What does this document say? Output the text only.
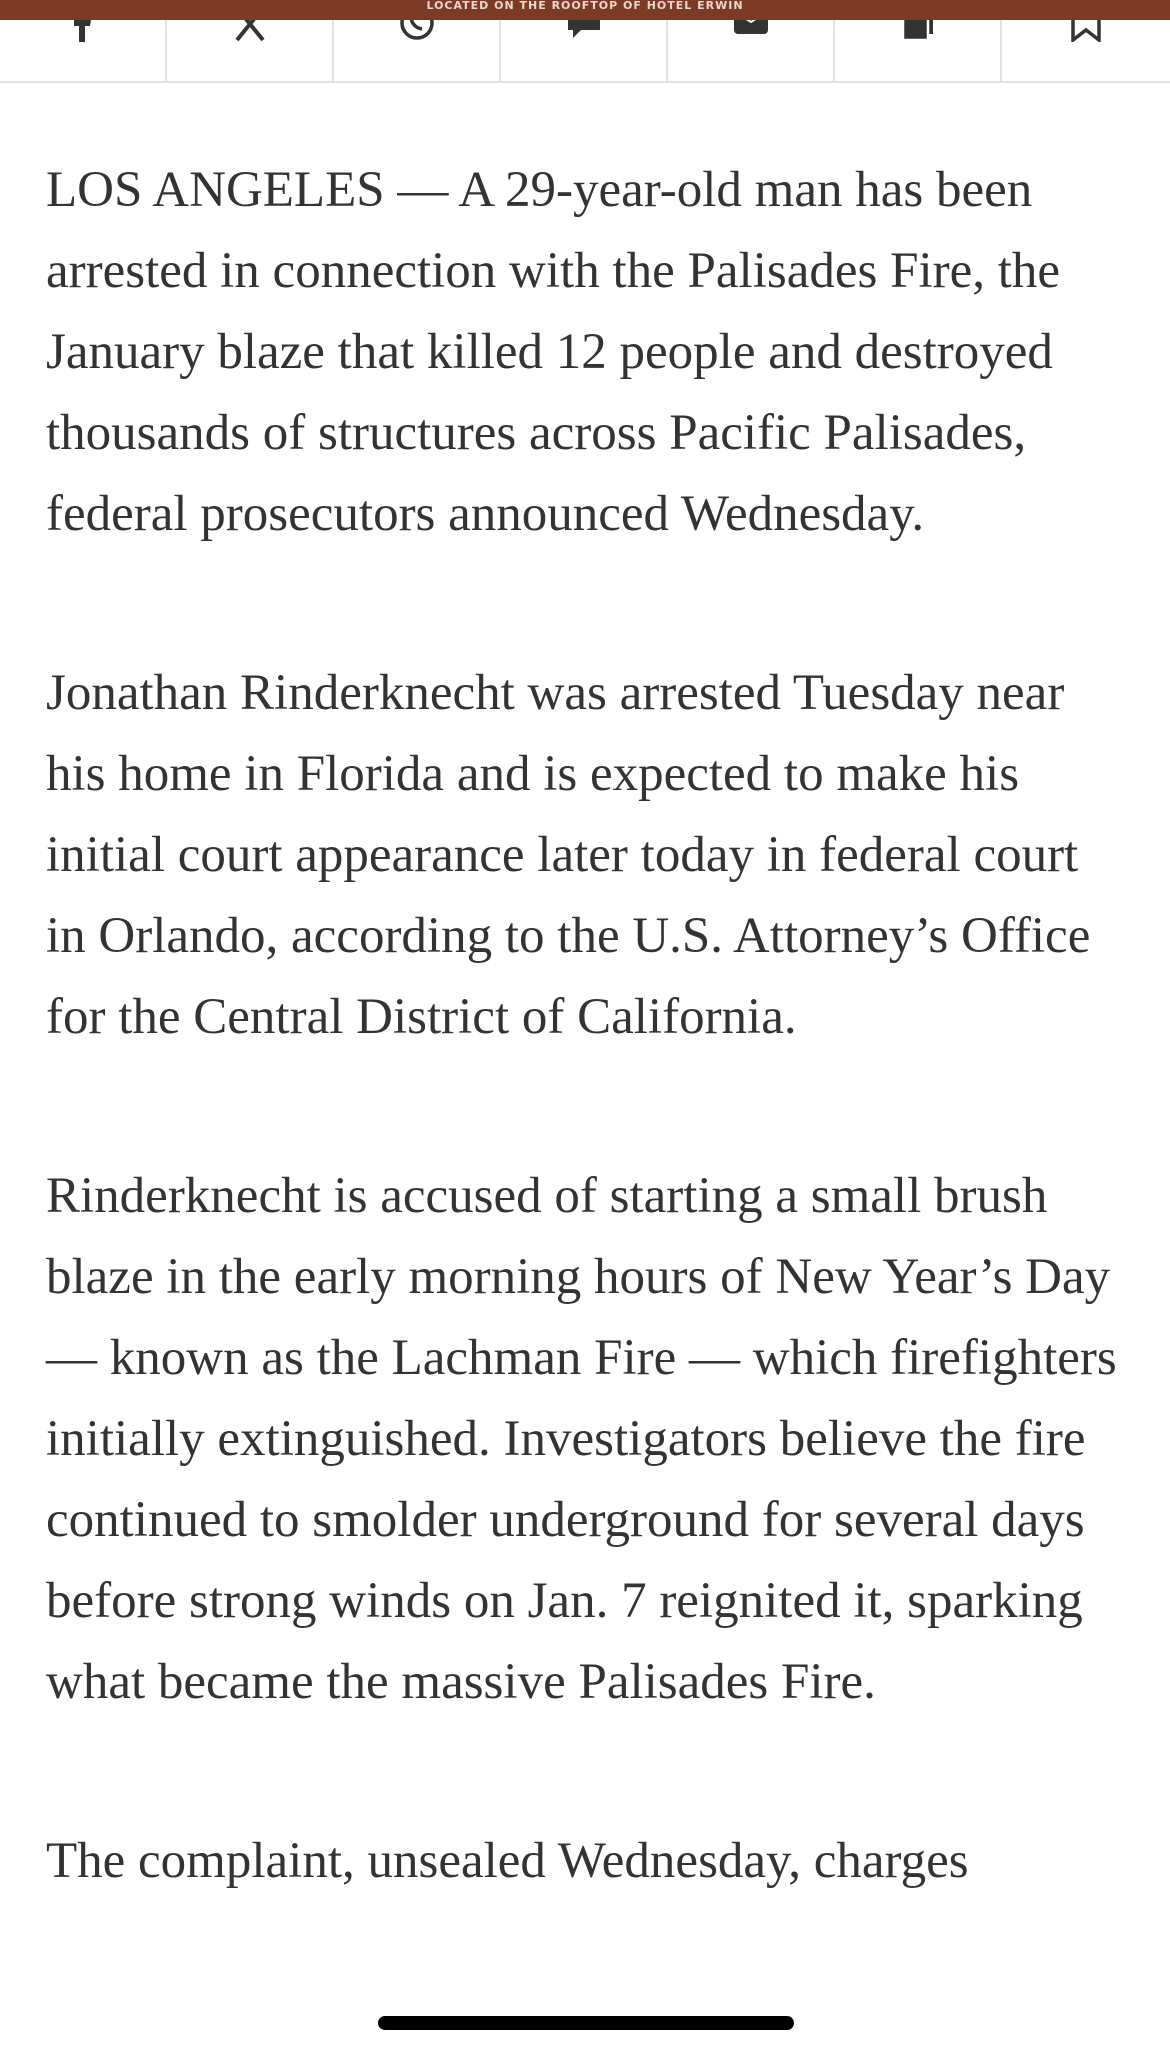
LOCATED ON THE ROOFTOP OF HOTEL ERWIN

LOS ANGELES — A 29-year-old man has been arrested in connection with the Palisades Fire, the January blaze that killed 12 people and destroyed thousands of structures across Pacific Palisades, federal prosecutors announced Wednesday.

Jonathan Rinderknecht was arrested Tuesday near his home in Florida and is expected to make his initial court appearance later today in federal court in Orlando, according to the U.S. Attorney’s Office for the Central District of California.

Rinderknecht is accused of starting a small brush blaze in the early morning hours of New Year’s Day — known as the Lachman Fire — which firefighters initially extinguished. Investigators believe the fire continued to smolder underground for several days before strong winds on Jan. 7 reignited it, sparking what became the massive Palisades Fire.

The complaint, unsealed Wednesday, charges
